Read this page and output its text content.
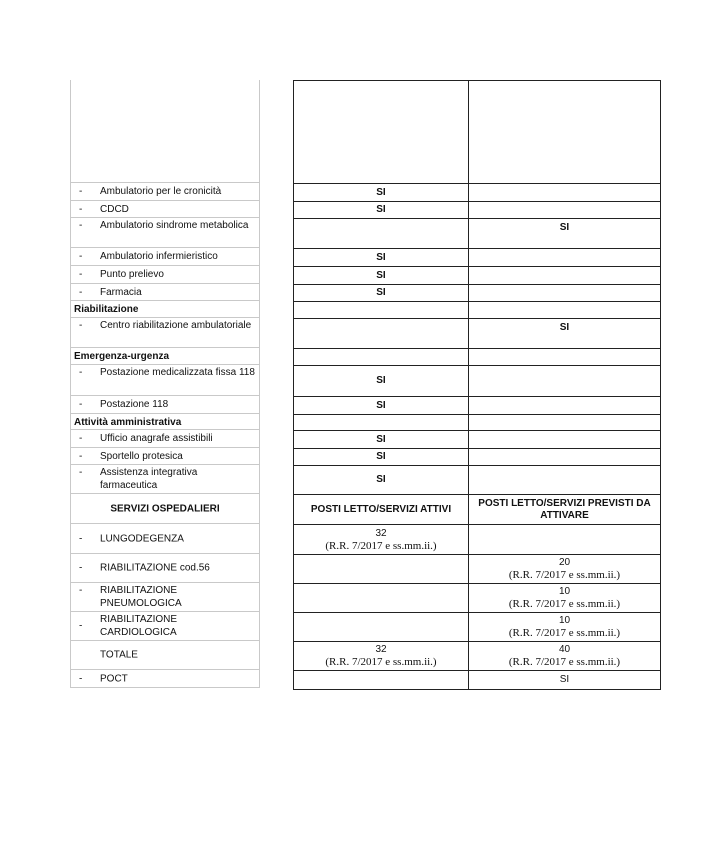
- Ambulatorio per le cronicità
- CDCD
- Ambulatorio sindrome metabolica
- Ambulatorio infermieristico
- Punto prelievo
- Farmacia
Riabilitazione
- Centro riabilitazione ambulatoriale
Emergenza-urgenza
- Postazione medicalizzata fissa 118
- Postazione 118
Attività amministrativa
- Ufficio anagrafe assistibili
- Sportello protesica
- Assistenza integrativa farmaceutica
SERVIZI OSPEDALIERI
- LUNGODEGENZA
- RIABILITAZIONE cod.56
- RIABILITAZIONE PNEUMOLOGICA
-
RIABILITAZIONE CARDIOLOGICA
TOTALE
- POCT
SI
SI
SI
SI
SI
SI
SI
SI
SI
SI
SI
SI
POSTI LETTO/SERVIZI ATTIVI
POSTI LETTO/SERVIZI PREVISTI DA ATTIVARE
32
(R.R. 7/2017 e ss.mm.ii.)
20
(R.R. 7/2017 e ss.mm.ii.)
10
(R.R. 7/2017 e ss.mm.ii.)
10
(R.R. 7/2017 e ss.mm.ii.)
32
(R.R. 7/2017 e ss.mm.ii.)
40
(R.R. 7/2017 e ss.mm.ii.)
SI
